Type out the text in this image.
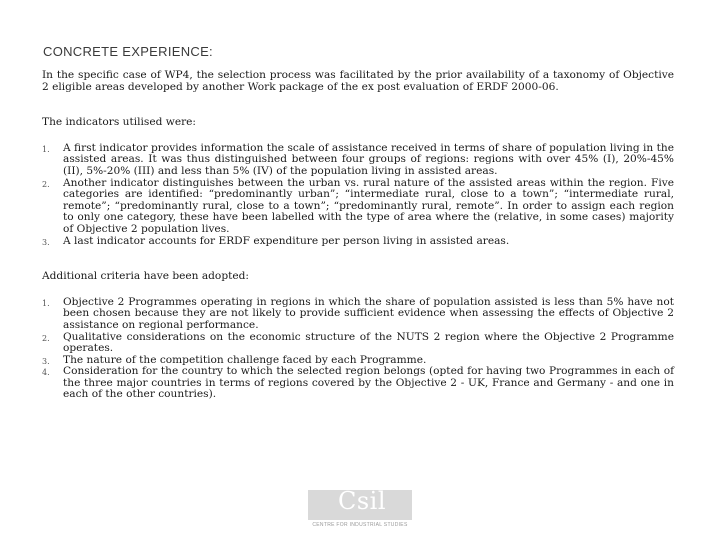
CONCRETE EXPERIENCE:

In the specific case of WP4, the selection process was facilitated by the prior availability of a taxonomy of Objective 2 eligible areas developed by another Work package of the ex post evaluation of ERDF 2000-06.

The indicators utilised were:

1. A first indicator provides information the scale of assistance received in terms of share of population living in the assisted areas. It was thus distinguished between four groups of regions: regions with over 45% (I), 20%-45% (II), 5%-20% (III) and less than 5% (IV) of the population living in assisted areas.
2. Another indicator distinguishes between the urban vs. rural nature of the assisted areas within the region. Five categories are identified: “predominantly urban”; “intermediate rural, close to a town”; “intermediate rural, remote”; “predominantly rural, close to a town”; “predominantly rural, remote”. In order to assign each region to only one category, these have been labelled with the type of area where the (relative, in some cases) majority of Objective 2 population lives.
3. A last indicator accounts for ERDF expenditure per person living in assisted areas.

Additional criteria have been adopted:

1. Objective 2 Programmes operating in regions in which the share of population assisted is less than 5% have not been chosen because they are not likely to provide sufficient evidence when assessing the effects of Objective 2 assistance on regional performance.
2. Qualitative considerations on the economic structure of the NUTS 2 region where the Objective 2 Programme operates.
3. The nature of the competition challenge faced by each Programme.
4. Consideration for the country to which the selected region belongs (opted for having two Programmes in each of the three major countries in terms of regions covered by the Objective 2 - UK, France and Germany - and one in each of the other countries).
Csil
CENTRE FOR INDUSTRIAL STUDIES
